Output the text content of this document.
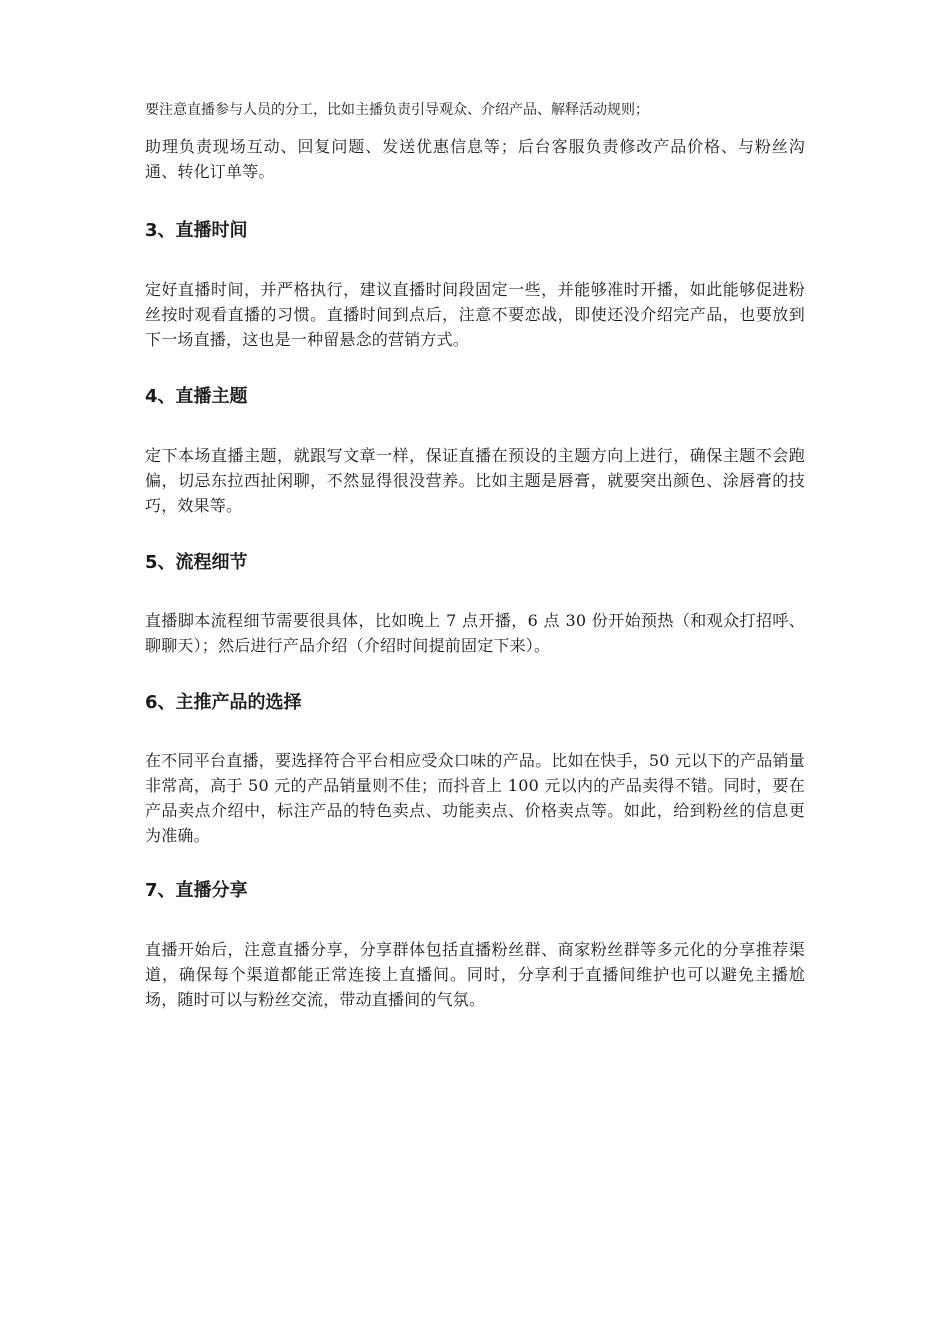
要注意直播参与人员的分工，比如主播负责引导观众、介绍产品、解释活动规则；
助理负责现场互动、回复问题、发送优惠信息等；后台客服负责修改产品价格、与粉丝沟通、转化订单等。
3、直播时间
定好直播时间，并严格执行，建议直播时间段固定一些，并能够准时开播，如此能够促进粉丝按时观看直播的习惯。直播时间到点后，注意不要恋战，即使还没介绍完产品，也要放到下一场直播，这也是一种留悬念的营销方式。
4、直播主题
定下本场直播主题，就跟写文章一样，保证直播在预设的主题方向上进行，确保主题不会跑偏，切忌东拉西扯闲聊，不然显得很没营养。比如主题是唇膏，就要突出颜色、涂唇膏的技巧，效果等。
5、流程细节
直播脚本流程细节需要很具体，比如晚上 7 点开播，6 点 30 份开始预热（和观众打招呼、聊聊天）；然后进行产品介绍（介绍时间提前固定下来）。
6、主推产品的选择
在不同平台直播，要选择符合平台相应受众口味的产品。比如在快手，50 元以下的产品销量非常高，高于 50 元的产品销量则不佳；而抖音上 100 元以内的产品卖得不错。同时，要在产品卖点介绍中，标注产品的特色卖点、功能卖点、价格卖点等。如此，给到粉丝的信息更为准确。
7、直播分享
直播开始后，注意直播分享，分享群体包括直播粉丝群、商家粉丝群等多元化的分享推荐渠道，确保每个渠道都能正常连接上直播间。同时，分享利于直播间维护也可以避免主播尬场，随时可以与粉丝交流，带动直播间的气氛。
